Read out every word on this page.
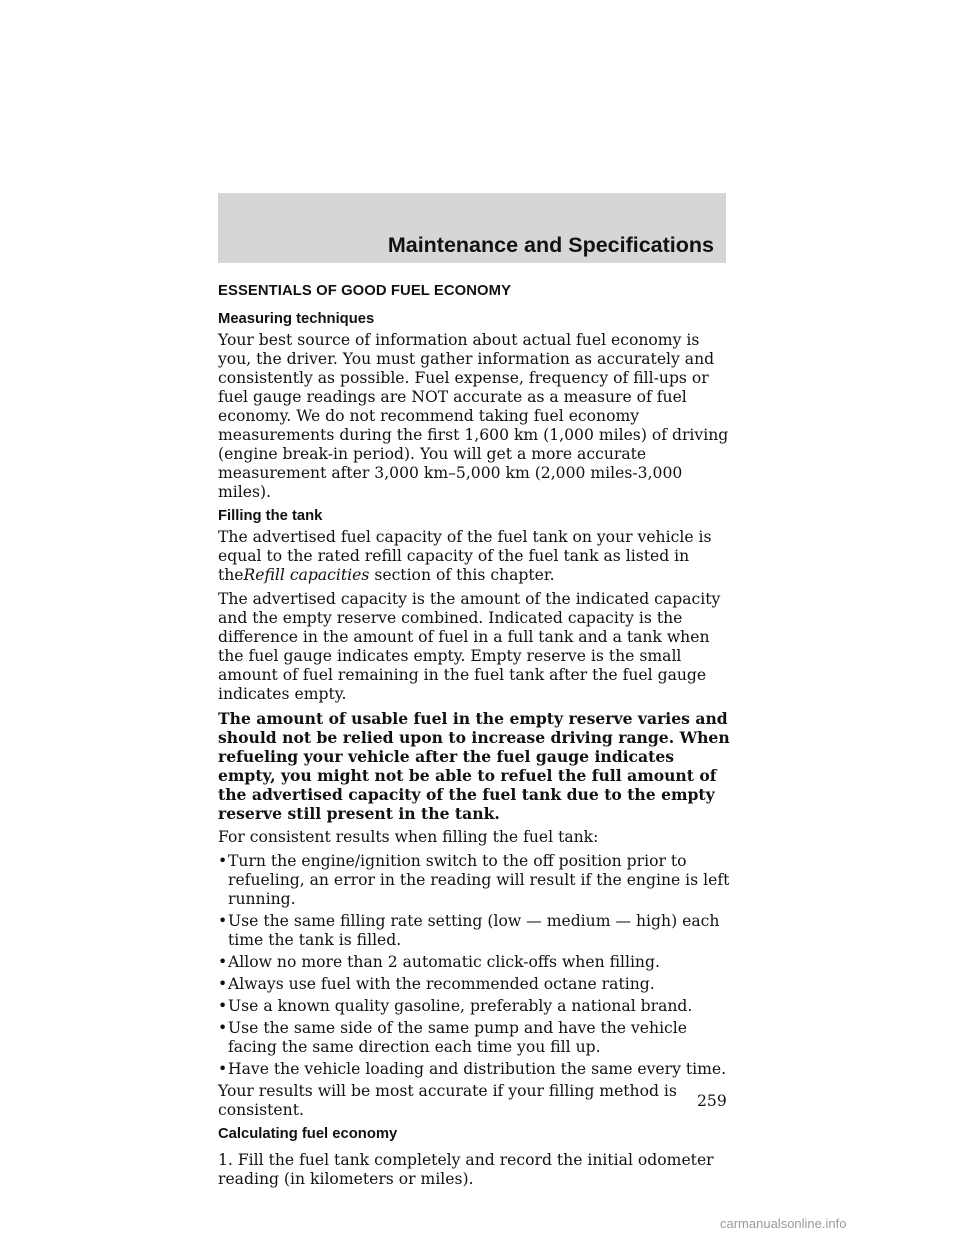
Maintenance and Specifications
ESSENTIALS OF GOOD FUEL ECONOMY
Measuring techniques

Your best source of information about actual fuel economy is you, the driver. You must gather information as accurately and consistently as possible. Fuel expense, frequency of fill-ups or fuel gauge readings are NOT accurate as a measure of fuel economy. We do not recommend taking fuel economy measurements during the first 1,600 km (1,000 miles) of driving (engine break-in period). You will get a more accurate measurement after 3,000 km–5,000 km (2,000 miles-3,000 miles).

Filling the tank

The advertised fuel capacity of the fuel tank on your vehicle is equal to the rated refill capacity of the fuel tank as listed in theRefill capacities section of this chapter.

The advertised capacity is the amount of the indicated capacity and the empty reserve combined. Indicated capacity is the difference in the amount of fuel in a full tank and a tank when the fuel gauge indicates empty. Empty reserve is the small amount of fuel remaining in the fuel tank after the fuel gauge indicates empty.

The amount of usable fuel in the empty reserve varies and should not be relied upon to increase driving range. When refueling your vehicle after the fuel gauge indicates empty, you might not be able to refuel the full amount of the advertised capacity of the fuel tank due to the empty reserve still present in the tank.

For consistent results when filling the fuel tank:

• Turn the engine/ignition switch to the off position prior to refueling, an error in the reading will result if the engine is left running.
• Use the same filling rate setting (low — medium — high) each time the tank is filled.
• Allow no more than 2 automatic click-offs when filling.
• Always use fuel with the recommended octane rating.
• Use a known quality gasoline, preferably a national brand.
• Use the same side of the same pump and have the vehicle facing the same direction each time you fill up.
• Have the vehicle loading and distribution the same every time.

Your results will be most accurate if your filling method is consistent.

Calculating fuel economy

1. Fill the fuel tank completely and record the initial odometer reading (in kilometers or miles).

259
carmanualsonline.info
